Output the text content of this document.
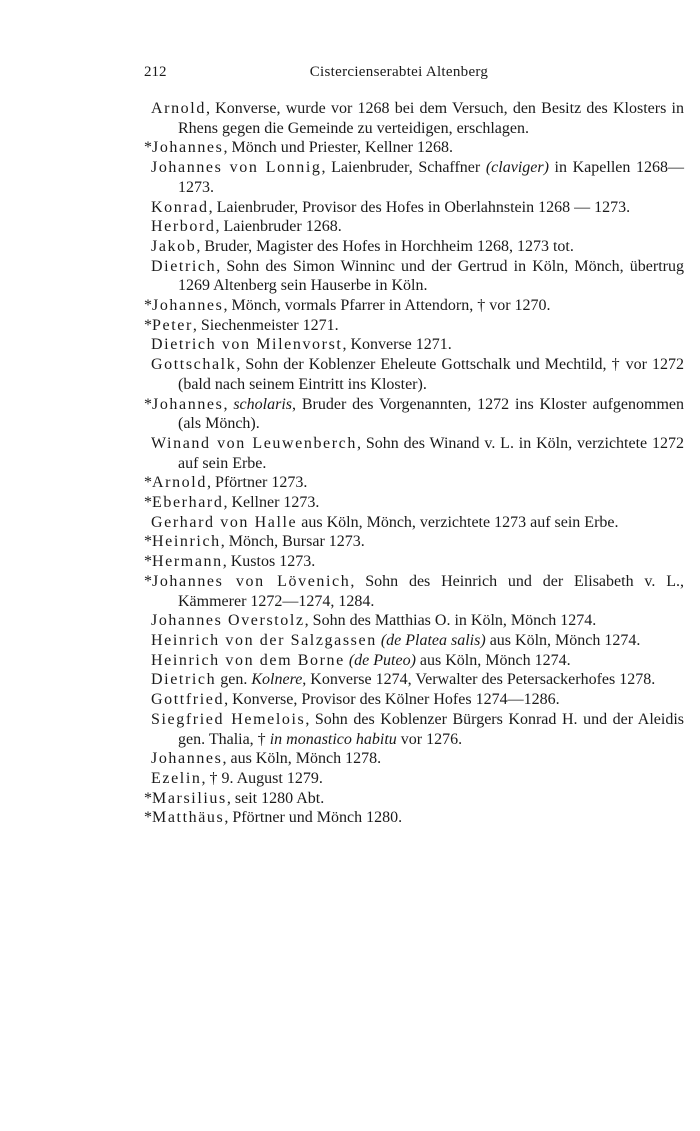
212	Cistercienserabtei Altenberg
Arnold, Konverse, wurde vor 1268 bei dem Versuch, den Besitz des Klosters in Rhens gegen die Gemeinde zu verteidigen, erschlagen.
*Johannes, Mönch und Priester, Kellner 1268.
Johannes von Lonnig, Laienbruder, Schaffner (claviger) in Kapellen 1268—1273.
Konrad, Laienbruder, Provisor des Hofes in Oberlahnstein 1268 — 1273.
Herbord, Laienbruder 1268.
Jakob, Bruder, Magister des Hofes in Horchheim 1268, 1273 tot.
Dietrich, Sohn des Simon Winninc und der Gertrud in Köln, Mönch, übertrug 1269 Altenberg sein Hauserbe in Köln.
*Johannes, Mönch, vormals Pfarrer in Attendorn, † vor 1270.
*Peter, Siechenmeister 1271.
Dietrich von Milenvorst, Konverse 1271.
Gottschalk, Sohn der Koblenzer Eheleute Gottschalk und Mechtild, † vor 1272 (bald nach seinem Eintritt ins Kloster).
*Johannes, scholaris, Bruder des Vorgenannten, 1272 ins Kloster aufgenommen (als Mönch).
Winand von Leuwenberch, Sohn des Winand v. L. in Köln, verzichtete 1272 auf sein Erbe.
*Arnold, Pförtner 1273.
*Eberhard, Kellner 1273.
Gerhard von Halle aus Köln, Mönch, verzichtete 1273 auf sein Erbe.
*Heinrich, Mönch, Bursar 1273.
*Hermann, Kustos 1273.
*Johannes von Lövenich, Sohn des Heinrich und der Elisabeth v. L., Kämmerer 1272—1274, 1284.
Johannes Overstolz, Sohn des Matthias O. in Köln, Mönch 1274.
Heinrich von der Salzgassen (de Platea salis) aus Köln, Mönch 1274.
Heinrich von dem Borne (de Puteo) aus Köln, Mönch 1274.
Dietrich gen. Kolnere, Konverse 1274, Verwalter des Petersackerhofes 1278.
Gottfried, Konverse, Provisor des Kölner Hofes 1274—1286.
Siegfried Hemelois, Sohn des Koblenzer Bürgers Konrad H. und der Aleidis gen. Thalia, † in monastico habitu vor 1276.
Johannes, aus Köln, Mönch 1278.
Ezelin, † 9. August 1279.
*Marsilius, seit 1280 Abt.
*Matthäus, Pförtner und Mönch 1280.
